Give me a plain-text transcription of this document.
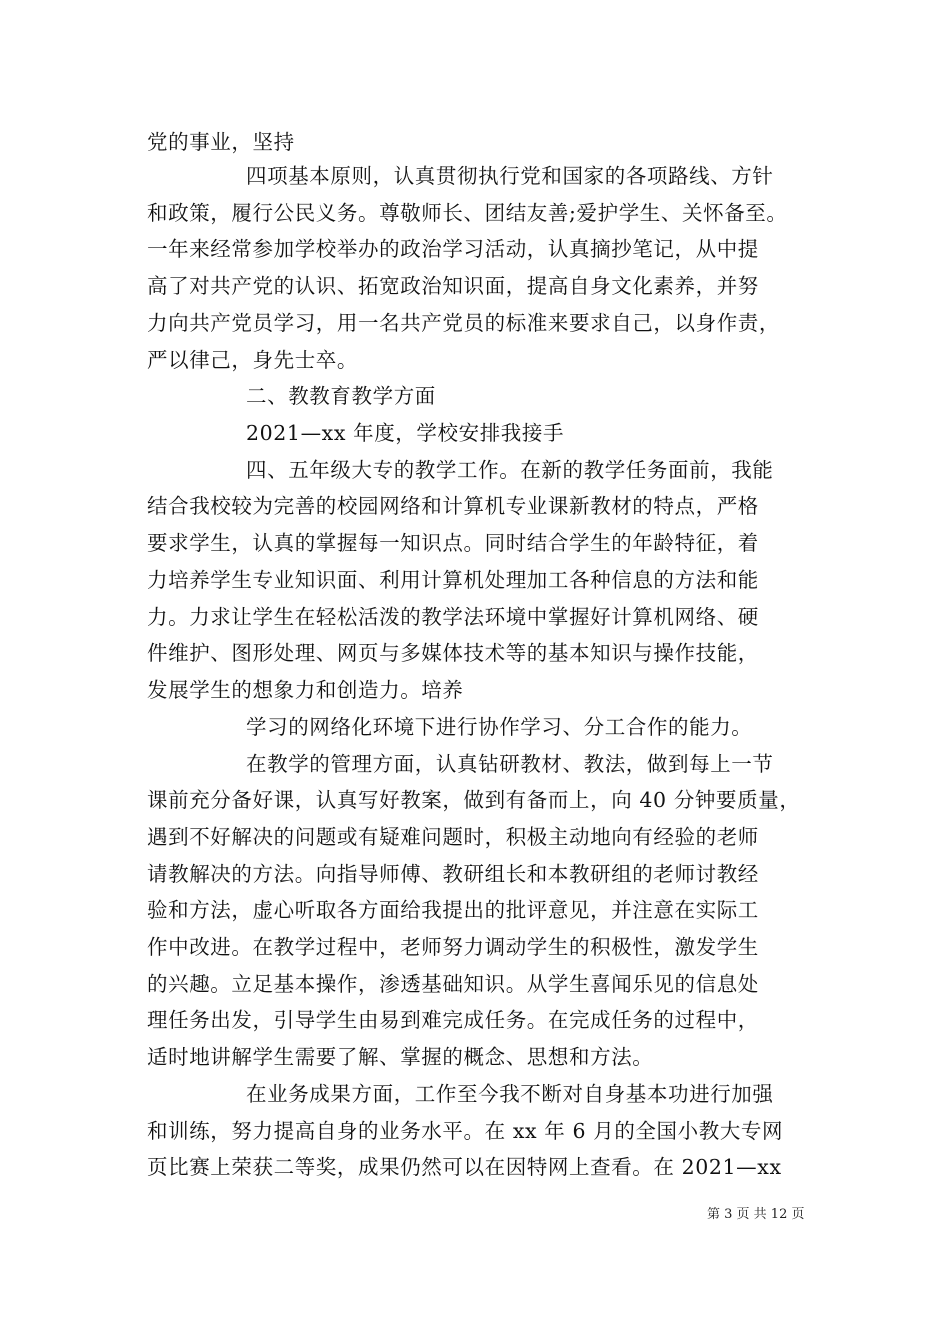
党的事业，坚持
四项基本原则，认真贯彻执行党和国家的各项路线、方针
和政策，履行公民义务。尊敬师长、团结友善;爱护学生、关怀备至。
一年来经常参加学校举办的政治学习活动，认真摘抄笔记，从中提
高了对共产党的认识、拓宽政治知识面，提高自身文化素养，并努
力向共产党员学习，用一名共产党员的标准来要求自己，以身作责，
严以律己，身先士卒。
二、教教育教学方面
2021—xx 年度，学校安排我接手
四、五年级大专的教学工作。在新的教学任务面前，我能
结合我校较为完善的校园网络和计算机专业课新教材的特点，严格
要求学生，认真的掌握每一知识点。同时结合学生的年龄特征，着
力培养学生专业知识面、利用计算机处理加工各种信息的方法和能
力。力求让学生在轻松活泼的教学法环境中掌握好计算机网络、硬
件维护、图形处理、网页与多媒体技术等的基本知识与操作技能，
发展学生的想象力和创造力。培养
学习的网络化环境下进行协作学习、分工合作的能力。
在教学的管理方面，认真钻研教材、教法，做到每上一节
课前充分备好课，认真写好教案，做到有备而上，向 40 分钟要质量，
遇到不好解决的问题或有疑难问题时，积极主动地向有经验的老师
请教解决的方法。向指导师傅、教研组长和本教研组的老师讨教经
验和方法，虚心听取各方面给我提出的批评意见，并注意在实际工
作中改进。在教学过程中，老师努力调动学生的积极性，激发学生
的兴趣。立足基本操作，渗透基础知识。从学生喜闻乐见的信息处
理任务出发，引导学生由易到难完成任务。在完成任务的过程中，
适时地讲解学生需要了解、掌握的概念、思想和方法。
在业务成果方面，工作至今我不断对自身基本功进行加强
和训练，努力提高自身的业务水平。在 xx 年 6 月的全国小教大专网
页比赛上荣获二等奖，成果仍然可以在因特网上查看。在 2021—xx
第 3 页 共 12 页
